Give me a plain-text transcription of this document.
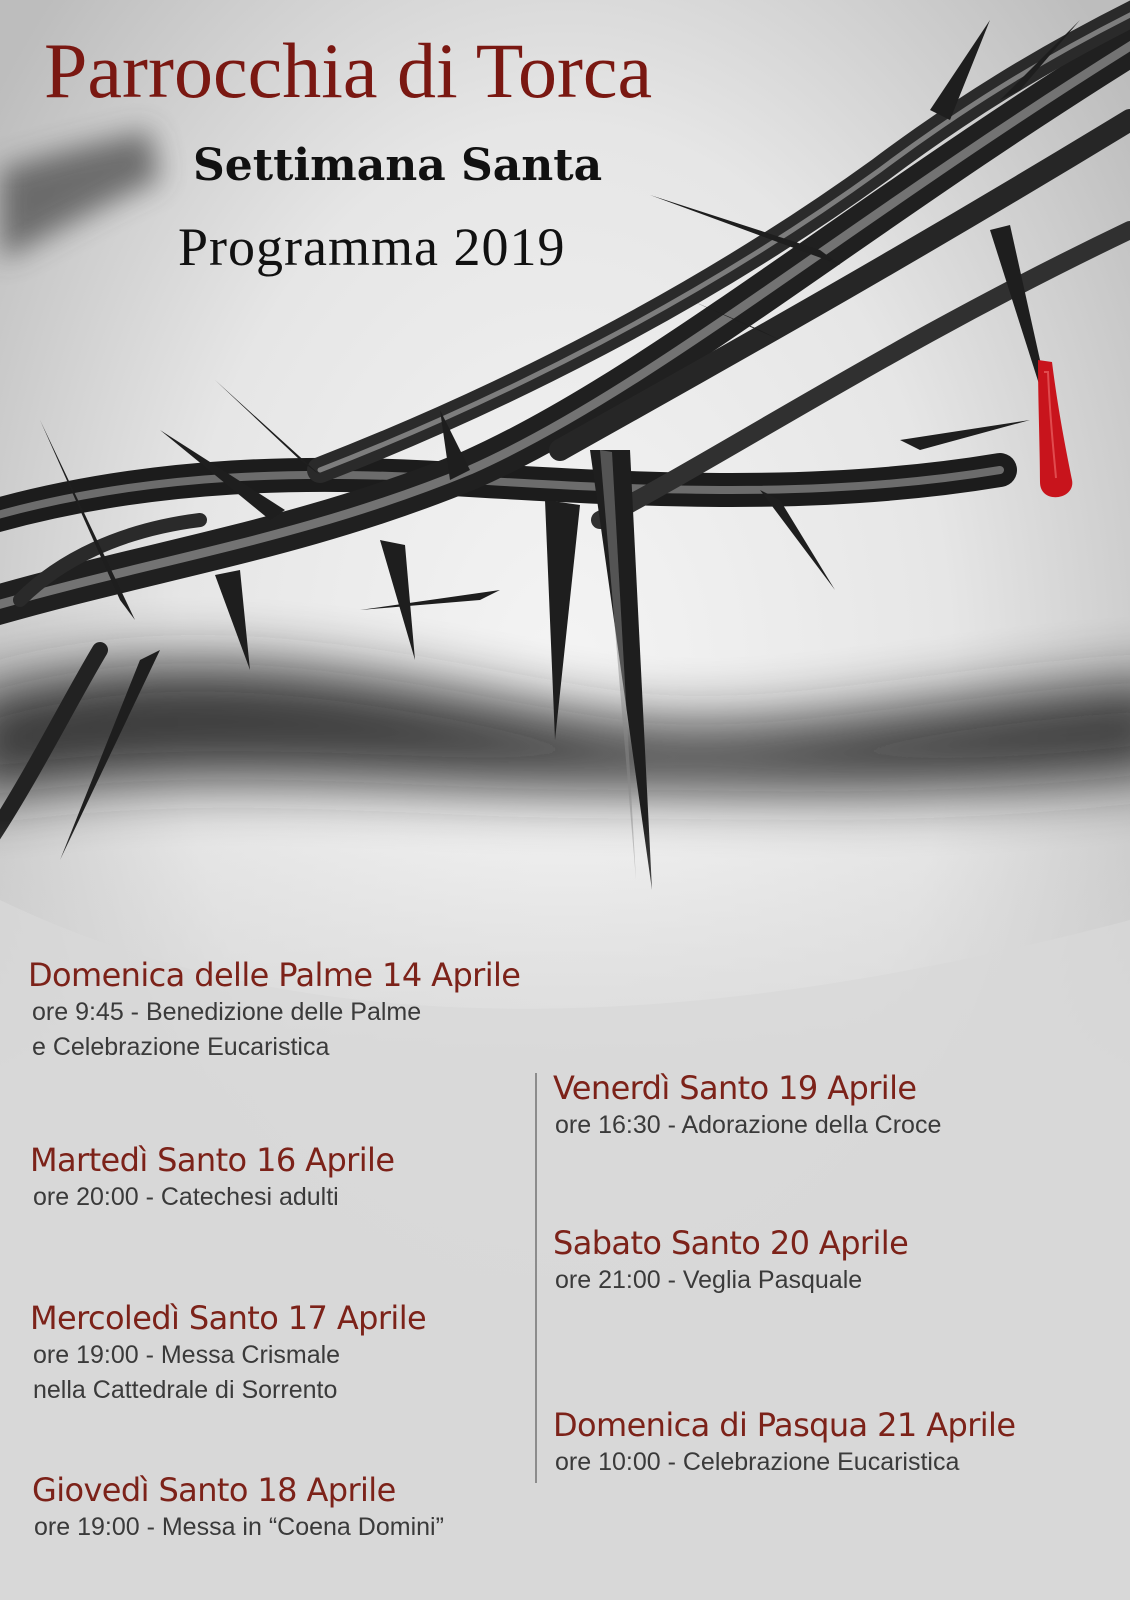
Parrocchia di Torca
Settimana Santa
Programma 2019

Domenica delle Palme 14 Aprile

ore 9:45 - Benedizione delle Palme

e Celebrazione Eucaristica

Martedì Santo 16 Aprile

ore 20:00 - Catechesi adulti

Mercoledì Santo 17 Aprile

ore 19:00 - Messa Crismale

nella Cattedrale di Sorrento

Giovedì Santo 18 Aprile

ore 19:00 - Messa in “Coena Domini”

Venerdì Santo 19 Aprile

ore 16:30 - Adorazione della Croce

Sabato Santo 20 Aprile

ore 21:00 - Veglia Pasquale

Domenica di Pasqua 21 Aprile

ore 10:00 - Celebrazione Eucaristica
